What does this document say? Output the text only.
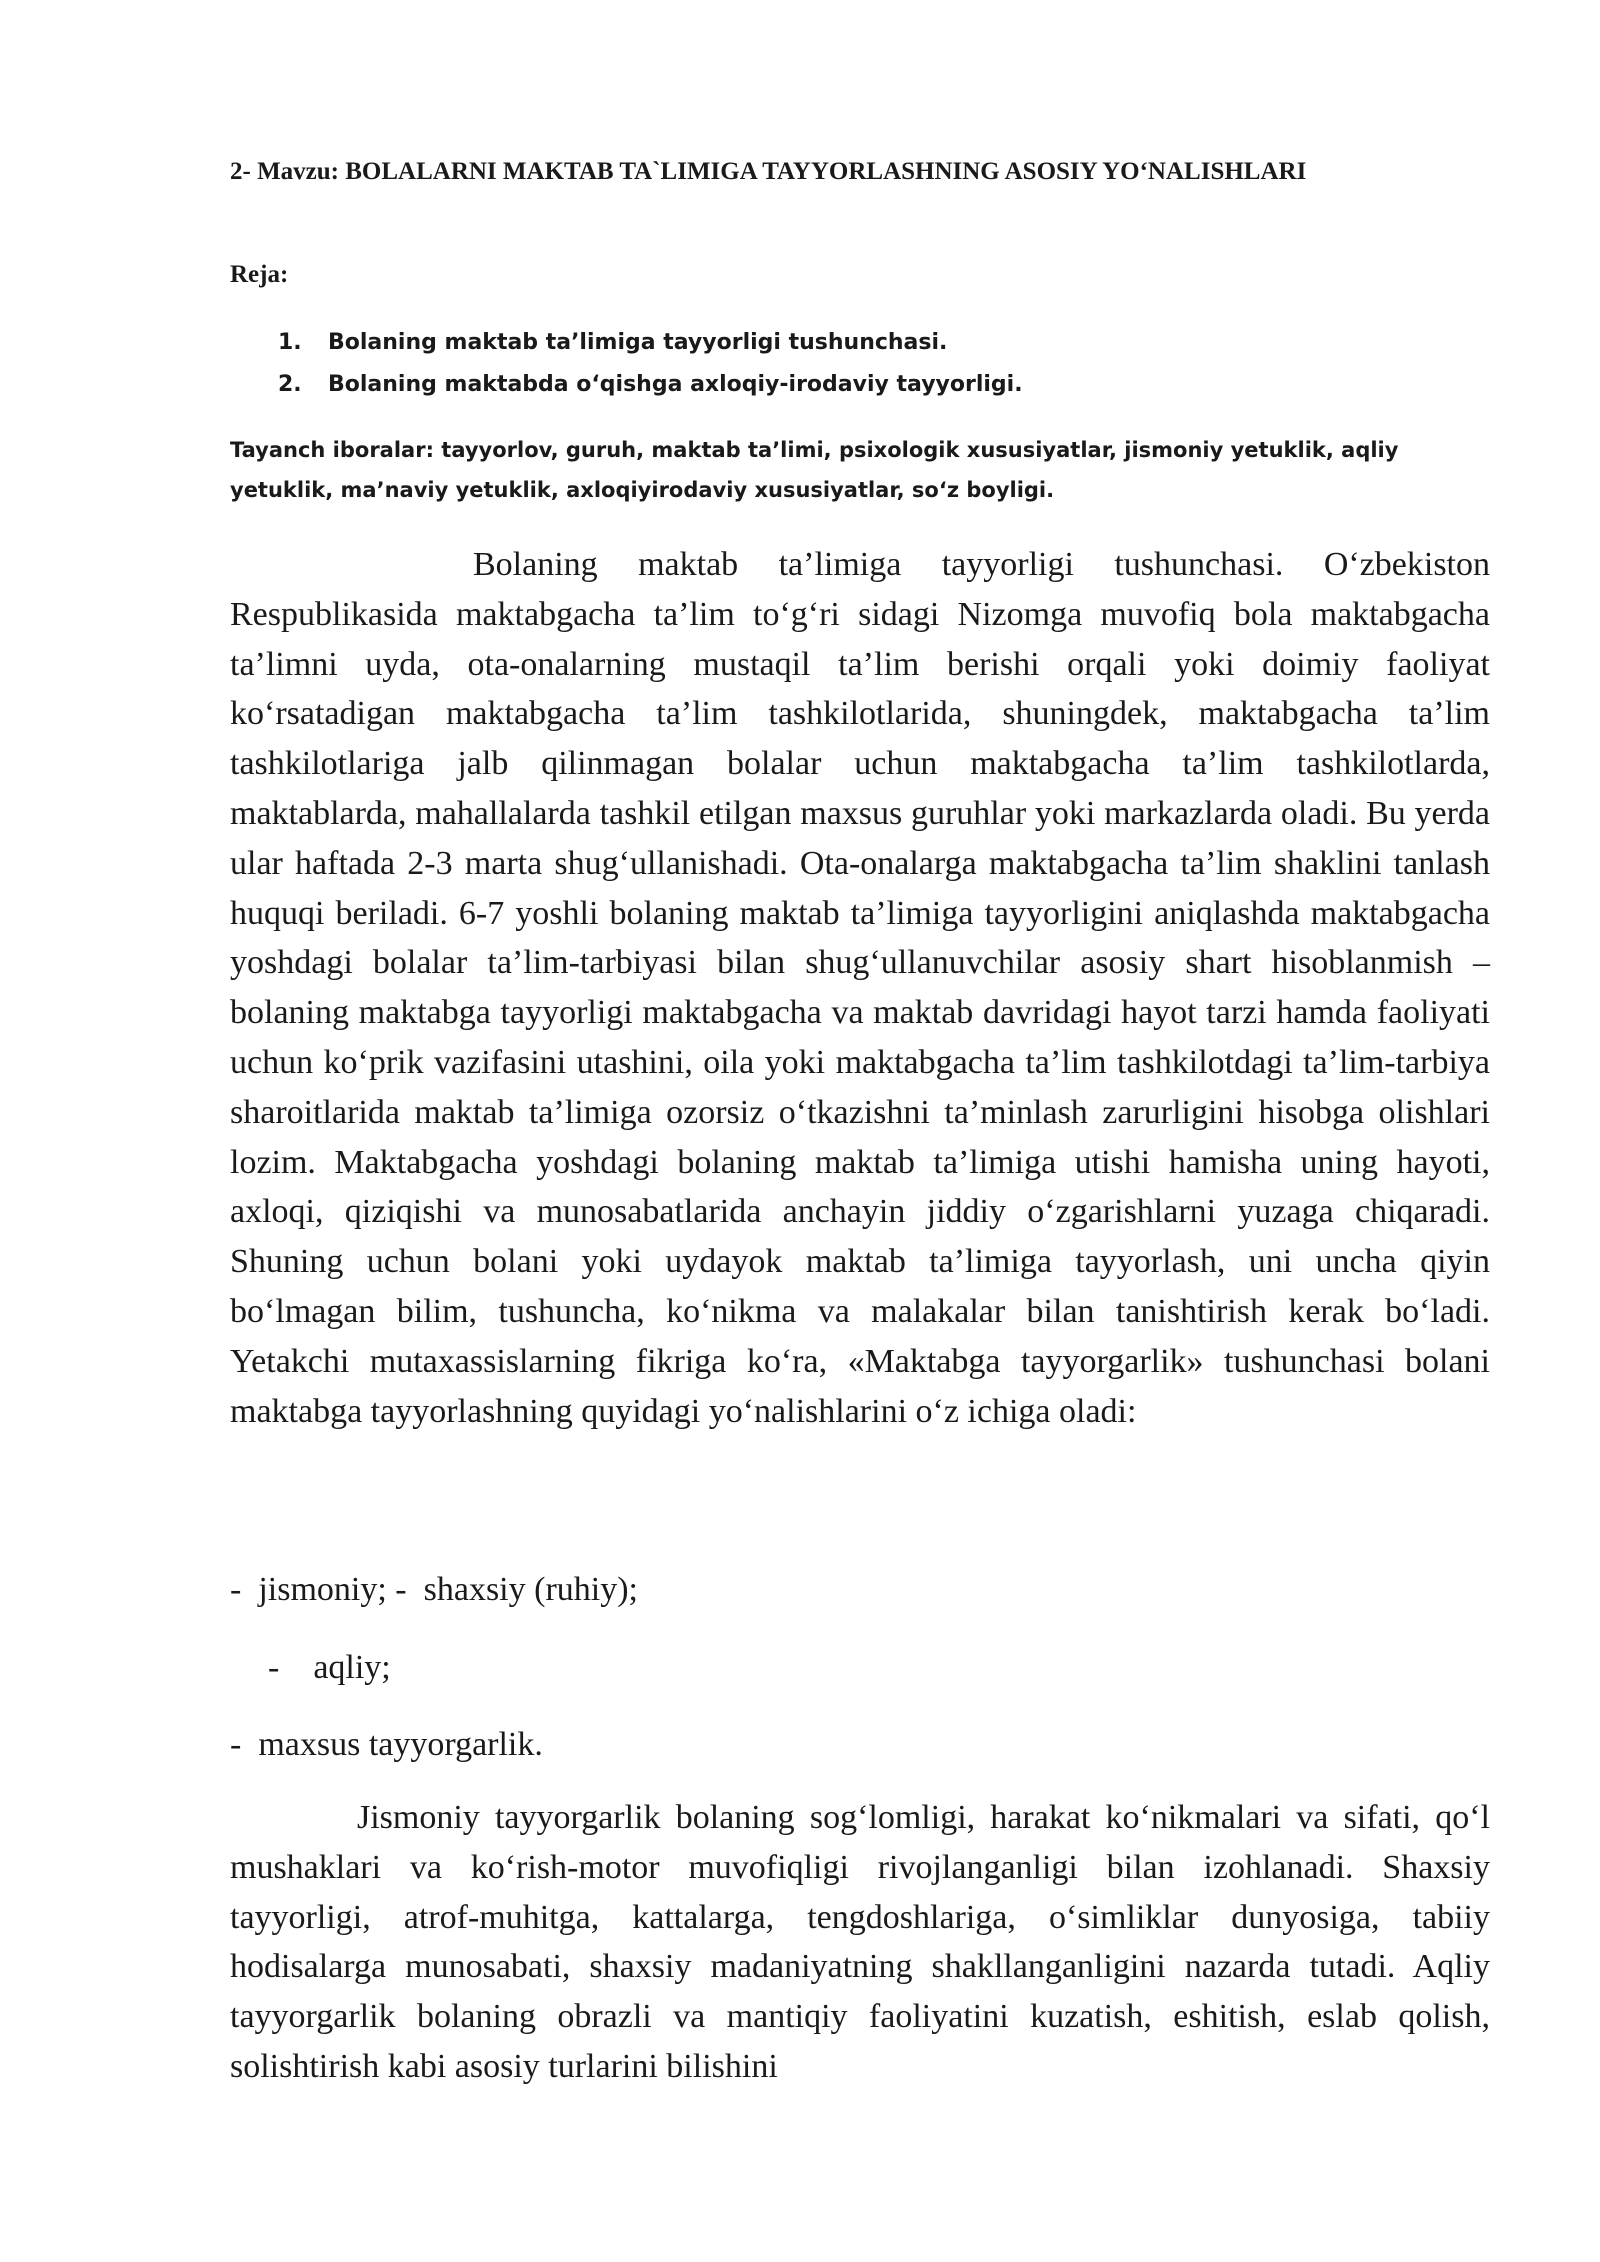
2- Mavzu: BOLALARNI MAKTAB TA`LIMIGA TAYYORLASHNING ASOSIY YO‘NALISHLARI
Reja:
1. Bolaning maktab ta’limiga tayyorligi tushunchasi.
2. Bolaning maktabda o‘qishga axloqiy-irodaviy tayyorligi.
Tayanch iboralar: tayyorlov, guruh, maktab ta’limi, psixologik xususiyatlar, jismoniy yetuklik, aqliy yetuklik, ma’naviy yetuklik, axloqiyirodaviy xususiyatlar, so‘z boyligi.

Bolaning maktab ta’limiga tayyorligi tushunchasi. O‘zbekiston Respublikasida maktabgacha ta’lim to‘g‘ri sidagi Nizomga muvofiq bola maktabgacha ta’limni uyda, ota-onalarning mustaqil ta’lim berishi orqali yoki doimiy faoliyat ko‘rsatadigan maktabgacha ta’lim tashkilotlarida, shuningdek, maktabgacha ta’lim tashkilotlariga jalb qilinmagan bolalar uchun maktabgacha ta’lim tashkilotlarda, maktablarda, mahallalarda tashkil etilgan maxsus guruhlar yoki markazlarda oladi. Bu yerda ular haftada 2-3 marta shug‘ullanishadi. Ota-onalarga maktabgacha ta’lim shaklini tanlash huquqi beriladi. 6-7 yoshli bolaning maktab ta’limiga tayyorligini aniqlashda maktabgacha yoshdagi bolalar ta’lim-tarbiyasi bilan shug‘ullanuvchilar asosiy shart hisoblanmish – bolaning maktabga tayyorligi maktabgacha va maktab davridagi hayot tarzi hamda faoliyati uchun ko‘prik vazifasini utashini, oila yoki maktabgacha ta’lim tashkilotdagi ta’lim-tarbiya sharoitlarida maktab ta’limiga ozorsiz o‘tkazishni ta’minlash zarurligini hisobga olishlari lozim. Maktabgacha yoshdagi bolaning maktab ta’limiga utishi hamisha uning hayoti, axloqi, qiziqishi va munosabatlarida anchayin jiddiy o‘zgarishlarni yuzaga chiqaradi. Shuning uchun bolani yoki uydayok maktab ta’limiga tayyorlash, uni uncha qiyin bo‘lmagan bilim, tushuncha, ko‘nikma va malakalar bilan tanishtirish kerak bo‘ladi. Yetakchi mutaxassislarning fikriga ko‘ra, «Maktabga tayyorgarlik» tushunchasi bolani maktabga tayyorlashning quyidagi yo‘nalishlarini o‘z ichiga oladi:

- jismoniy; - shaxsiy (ruhiy);
- aqliy;
- maxsus tayyorgarlik.

Jismoniy tayyorgarlik bolaning sog‘lomligi, harakat ko‘nikmalari va sifati, qo‘l mushaklari va ko‘rish-motor muvofiqligi rivojlanganligi bilan izohlanadi. Shaxsiy tayyorligi, atrof-muhitga, kattalarga, tengdoshlariga, o‘simliklar dunyosiga, tabiiy hodisalarga munosabati, shaxsiy madaniyatning shakllanganligini nazarda tutadi. Aqliy tayyorgarlik bolaning obrazli va mantiqiy faoliyatini kuzatish, eshitish, eslab qolish, solishtirish kabi asosiy turlarini bilishini
